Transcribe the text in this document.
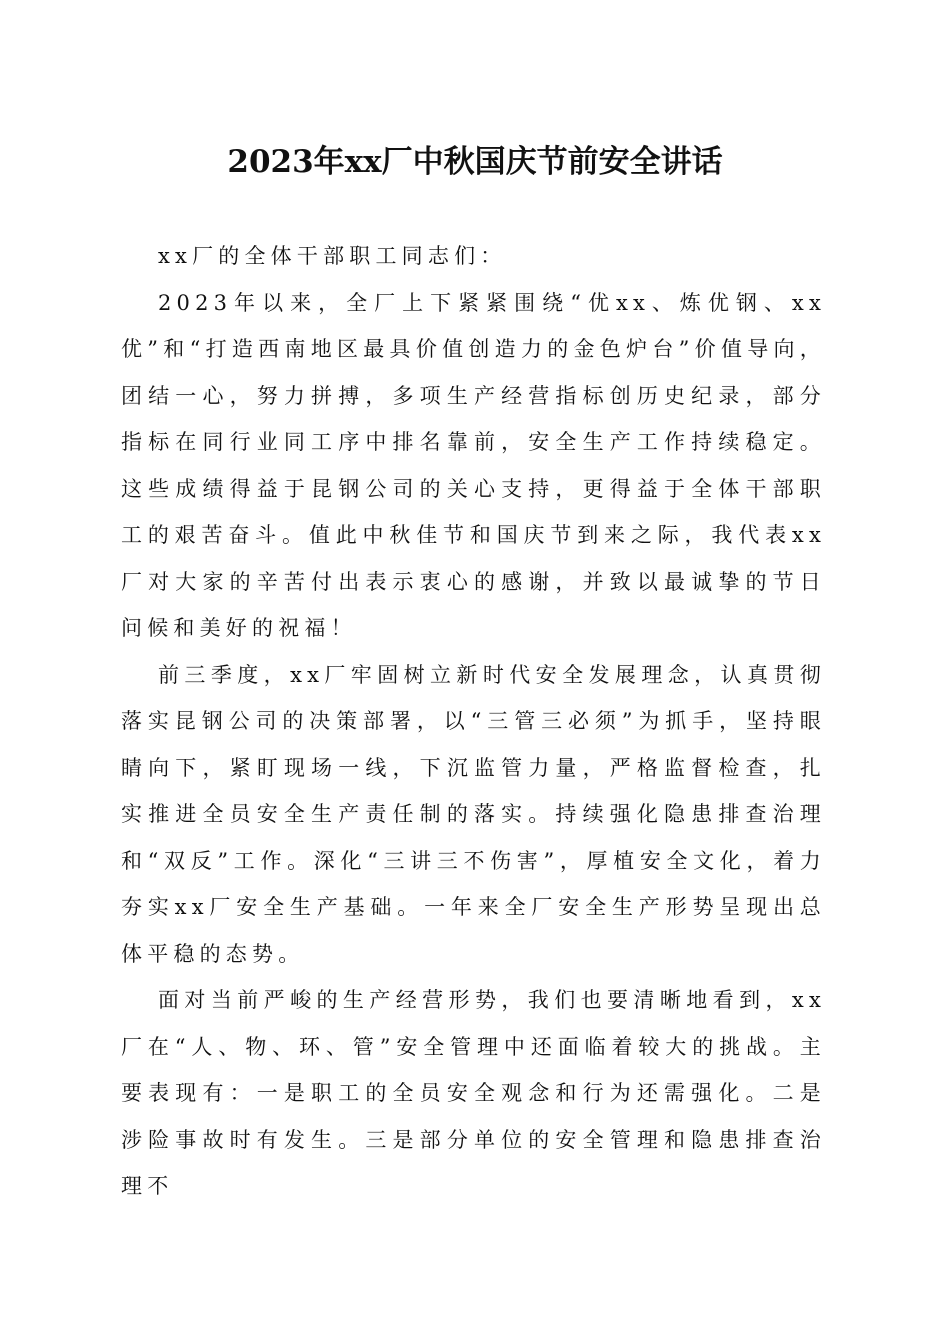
2023年xx厂中秋国庆节前安全讲话

xx厂的全体干部职工同志们：

2023年以来，全厂上下紧紧围绕“优xx、炼优钢、xx优”和“打造西南地区最具价值创造力的金色炉台”价值导向，团结一心，努力拼搏，多项生产经营指标创历史纪录，部分指标在同行业同工序中排名靠前，安全生产工作持续稳定。这些成绩得益于昆钢公司的关心支持，更得益于全体干部职工的艰苦奋斗。值此中秋佳节和国庆节到来之际，我代表xx厂对大家的辛苦付出表示衷心的感谢，并致以最诚挚的节日问候和美好的祝福！

前三季度，xx厂牢固树立新时代安全发展理念，认真贯彻落实昆钢公司的决策部署，以“三管三必须”为抓手，坚持眼睛向下，紧盯现场一线，下沉监管力量，严格监督检查，扎实推进全员安全生产责任制的落实。持续强化隐患排查治理和“双反”工作。深化“三讲三不伤害”，厚植安全文化，着力夯实xx厂安全生产基础。一年来全厂安全生产形势呈现出总体平稳的态势。

面对当前严峻的生产经营形势，我们也要清晰地看到，xx厂在“人、物、环、管”安全管理中还面临着较大的挑战。主要表现有：一是职工的全员安全观念和行为还需强化。二是涉险事故时有发生。三是部分单位的安全管理和隐患排查治理不
